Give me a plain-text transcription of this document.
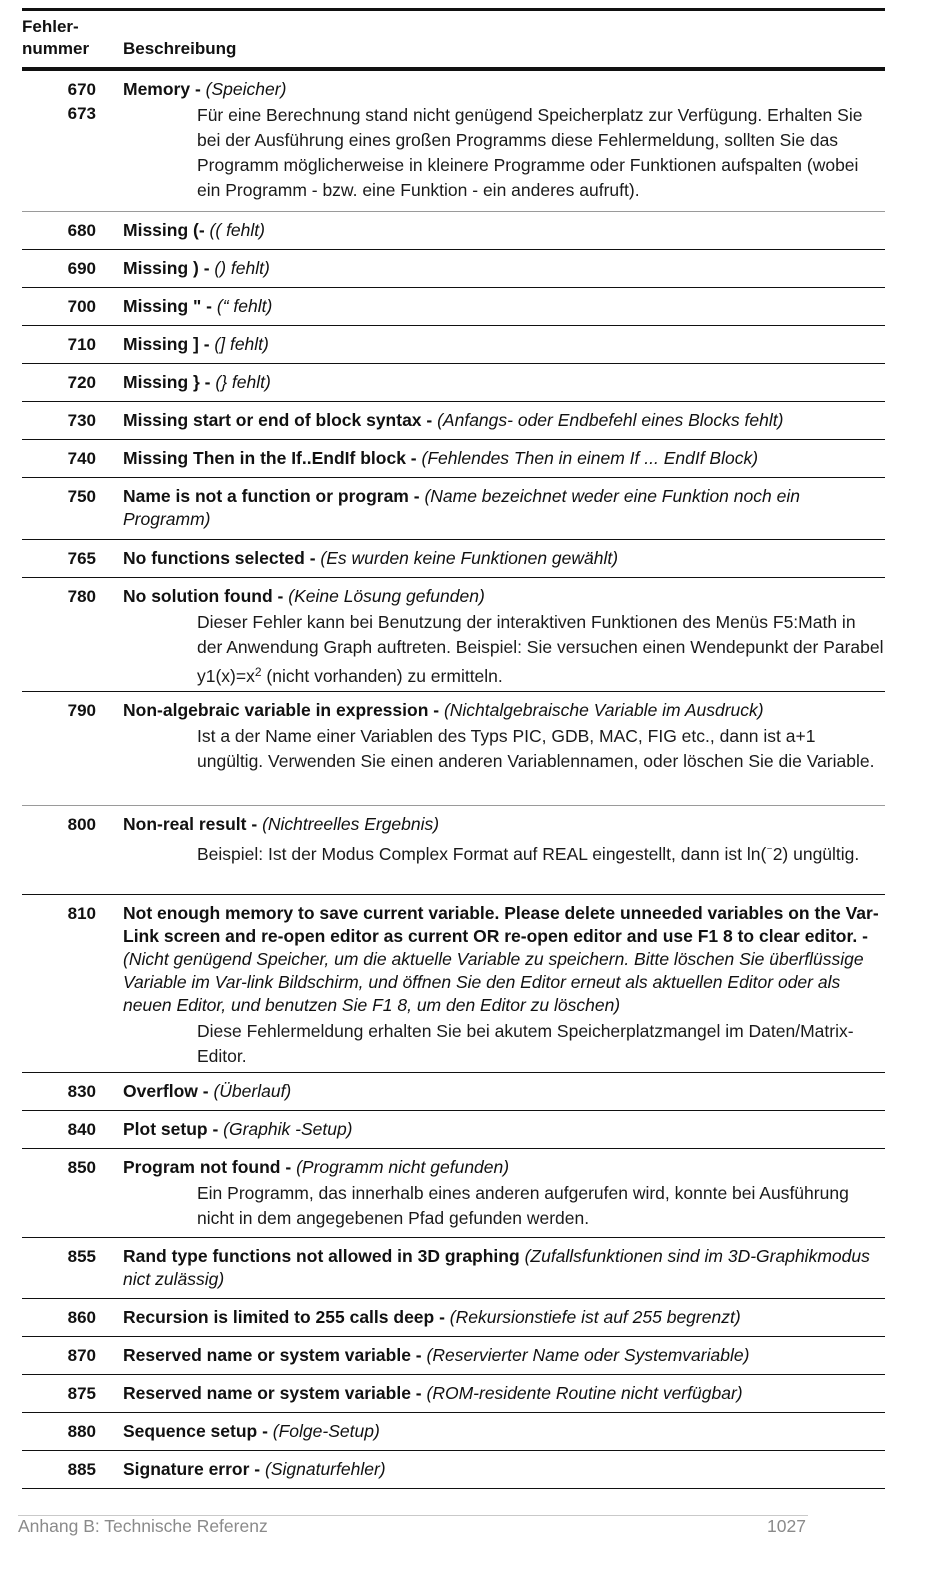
Fehler-
nummer Beschreibung
670
673
Memory - (Speicher)
Für eine Berechnung stand nicht genügend Speicherplatz zur Verfügung. Erhalten Sie bei der Ausführung eines großen Programms diese Fehlermeldung, sollten Sie das Programm möglicherweise in kleinere Programme oder Funktionen aufspalten (wobei ein Programm - bzw. eine Funktion - ein anderes aufruft).
680 Missing (- (( fehlt)
690 Missing ) - () fehlt)
700 Missing " - (“ fehlt)
710 Missing ] - (] fehlt)
720 Missing } - (} fehlt)
730 Missing start or end of block syntax - (Anfangs- oder Endbefehl eines Blocks fehlt)
740 Missing Then in the If..EndIf block - (Fehlendes Then in einem If ... EndIf Block)
750 Name is not a function or program - (Name bezeichnet weder eine Funktion noch ein Programm)
765 No functions selected - (Es wurden keine Funktionen gewählt)
780 No solution found - (Keine Lösung gefunden)
Dieser Fehler kann bei Benutzung der interaktiven Funktionen des Menüs F5:Math in der Anwendung Graph auftreten. Beispiel: Sie versuchen einen Wendepunkt der Parabel $y1(x)=x^2$ (nicht vorhanden) zu ermitteln.
790 Non-algebraic variable in expression - (Nichtalgebraische Variable im Ausdruck)
Ist a der Name einer Variablen des Typs PIC, GDB, MAC, FIG etc., dann ist a+1 ungültig. Verwenden Sie einen anderen Variablennamen, oder löschen Sie die Variable.
800 Non-real result - (Nichtreelles Ergebnis)
Beispiel: Ist der Modus Complex Format auf REAL eingestellt, dann ist ln(⁻2) ungültig.
810 Not enough memory to save current variable. Please delete unneeded variables on the Var-Link screen and re-open editor as current OR re-open editor and use F1 8 to clear editor. - (Nicht genügend Speicher, um die aktuelle Variable zu speichern. Bitte löschen Sie überflüssige Variable im Var-link Bildschirm, und öffnen Sie den Editor erneut als aktuellen Editor oder als neuen Editor, und benutzen Sie F1 8, um den Editor zu löschen)
Diese Fehlermeldung erhalten Sie bei akutem Speicherplatzmangel im Daten/Matrix-Editor.
830 Overflow - (Überlauf)
840 Plot setup - (Graphik -Setup)
850 Program not found - (Programm nicht gefunden)
Ein Programm, das innerhalb eines anderen aufgerufen wird, konnte bei Ausführung nicht in dem angegebenen Pfad gefunden werden.
855 Rand type functions not allowed in 3D graphing (Zufallsfunktionen sind im 3D-Graphikmodus nict zulässig)
860 Recursion is limited to 255 calls deep - (Rekursionstiefe ist auf 255 begrenzt)
870 Reserved name or system variable - (Reservierter Name oder Systemvariable)
875 Reserved name or system variable - (ROM-residente Routine nicht verfügbar)
880 Sequence setup - (Folge-Setup)
885 Signature error - (Signaturfehler)
Anhang B: Technische Referenz	1027
